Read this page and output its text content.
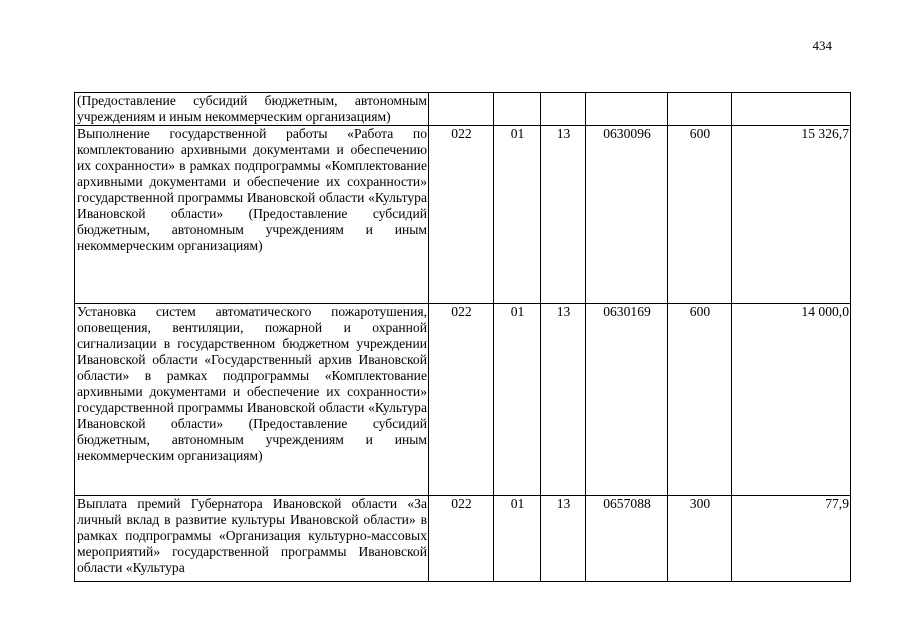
434
(Предоставление субсидий бюджетным, автономным учреждениям и иным некоммерческим организациям)						
Выполнение государственной работы «Работа по комплектованию архивными документами и обеспечению их сохранности» в рамках подпрограммы «Комплектование архивными документами и обеспечение их сохранности» государственной программы Ивановской области «Культура Ивановской области» (Предоставление субсидий бюджетным, автономным учреждениям и иным некоммерческим организациям)	022	01	13	0630096	600	15 326,7
Установка систем автоматического пожаротушения, оповещения, вентиляции, пожарной и охранной сигнализации в государственном бюджетном учреждении Ивановской области «Государственный архив Ивановской области» в рамках подпрограммы «Комплектование архивными документами и обеспечение их сохранности» государственной программы Ивановской области «Культура Ивановской области» (Предоставление субсидий бюджетным, автономным учреждениям и иным некоммерческим организациям)	022	01	13	0630169	600	14 000,0
Выплата премий Губернатора Ивановской области «За личный вклад в развитие культуры Ивановской области» в рамках подпрограммы «Организация культурно-массовых мероприятий» государственной программы Ивановской области «Культура	022	01	13	0657088	300	77,9
